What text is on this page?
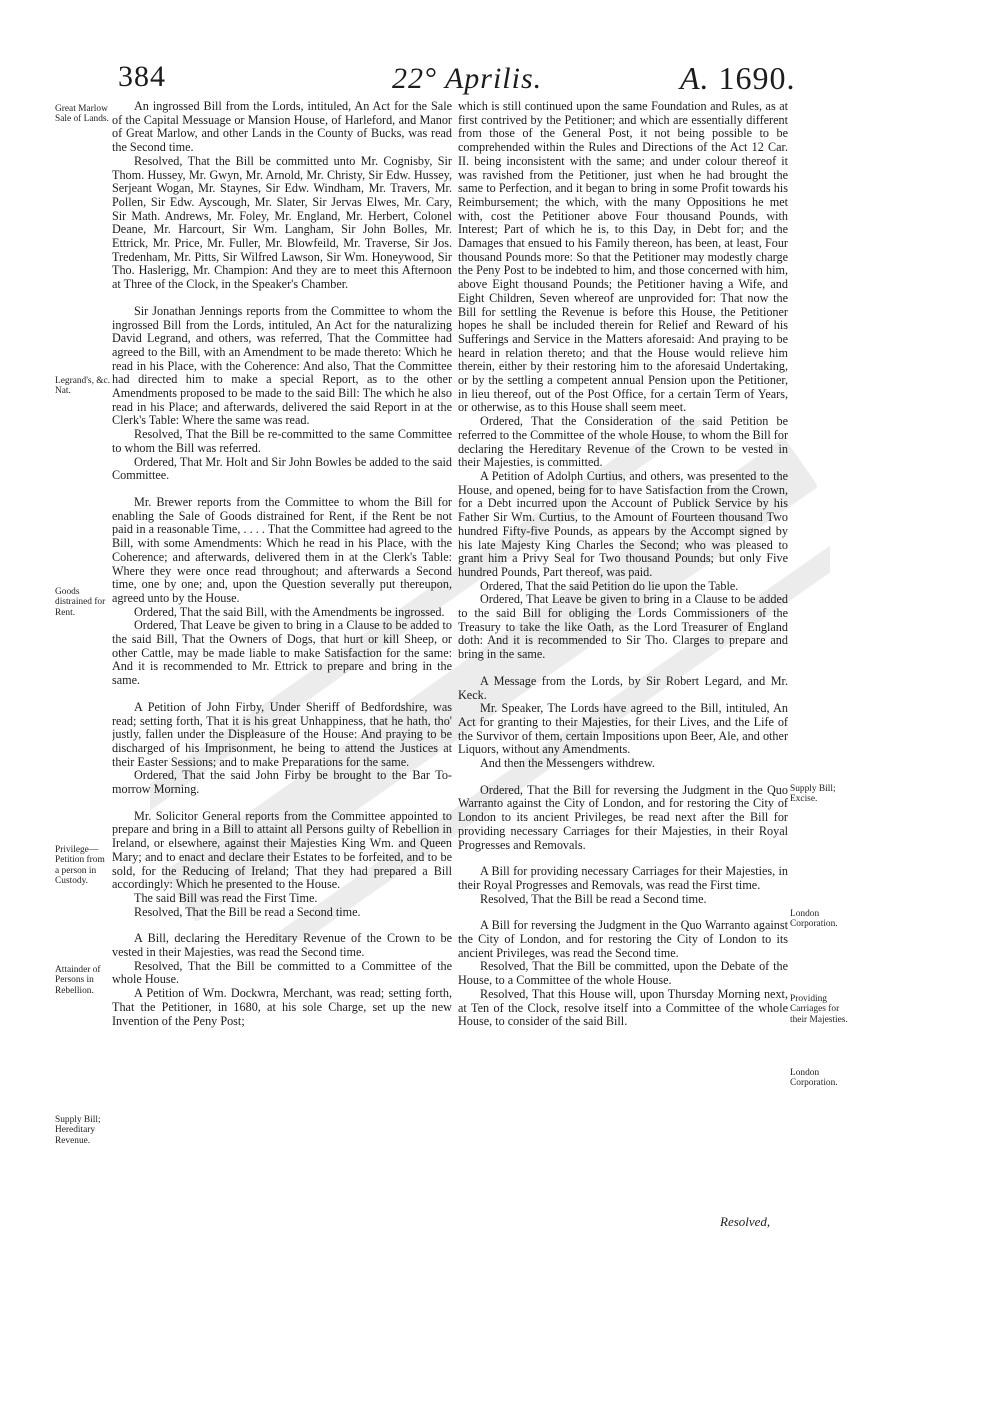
384	22° Aprilis.	A. 1690.
Great Marlow Sale of Lands.
Legrand's, &c. Nat.
Goods distrained for Rent.
Privilege—Petition from a person in Custody.
Attainder of Persons in Rebellion.
Supply Bill; Hereditary Revenue.
Supply Bill; Excise.
London Corporation.
Providing Carriages for their Majesties.
London Corporation.

An ingrossed Bill from the Lords, intituled, An Act for the Sale of the Capital Messuage or Mansion House, of Harleford, and Manor of Great Marlow, and other Lands in the County of Bucks, was read the Second time.

Resolved, That the Bill be committed unto Mr. Cognisby, Sir Thom. Hussey, Mr. Gwyn, Mr. Arnold, Mr. Christy, Sir Edw. Hussey, Serjeant Wogan, Mr. Staynes, Sir Edw. Windham, Mr. Travers, Mr. Pollen, Sir Edw. Ayscough, Mr. Slater, Sir Jervas Elwes, Mr. Cary, Sir Math. Andrews, Mr. Foley, Mr. England, Mr. Herbert, Colonel Deane, Mr. Harcourt, Sir Wm. Langham, Sir John Bolles, Mr. Ettrick, Mr. Price, Mr. Fuller, Mr. Blowfeild, Mr. Traverse, Sir Jos. Tredenham, Mr. Pitts, Sir Wilfred Lawson, Sir Wm. Honeywood, Sir Tho. Haslerigg, Mr. Champion: And they are to meet this Afternoon at Three of the Clock, in the Speaker's Chamber.

Sir Jonathan Jennings reports from the Committee to whom the ingrossed Bill from the Lords, intituled, An Act for the naturalizing David Legrand, and others, was referred, That the Committee had agreed to the Bill, with an Amendment to be made thereto: Which he read in his Place, with the Coherence: And also, That the Committee had directed him to make a special Report, as to the other Amendments proposed to be made to the said Bill: The which he also read in his Place; and afterwards, delivered the said Report in at the Clerk's Table: Where the same was read.

Resolved, That the Bill be re-committed to the same Committee to whom the Bill was referred.

Ordered, That Mr. Holt and Sir John Bowles be added to the said Committee.

Mr. Brewer reports from the Committee to whom the Bill for enabling the Sale of Goods distrained for Rent, if the Rent be not paid in a reasonable Time, . . . . That the Committee had agreed to the Bill, with some Amendments: Which he read in his Place, with the Coherence; and afterwards, delivered them in at the Clerk's Table: Where they were once read throughout; and afterwards a Second time, one by one; and, upon the Question severally put thereupon, agreed unto by the House.

Ordered, That the said Bill, with the Amendments be ingrossed.

Ordered, That Leave be given to bring in a Clause to be added to the said Bill, That the Owners of Dogs, that hurt or kill Sheep, or other Cattle, may be made liable to make Satisfaction for the same: And it is recommended to Mr. Ettrick to prepare and bring in the same.

A Petition of John Firby, Under Sheriff of Bedfordshire, was read; setting forth, That it is his great Unhappiness, that he hath, tho' justly, fallen under the Displeasure of the House: And praying to be discharged of his Imprisonment, he being to attend the Justices at their Easter Sessions; and to make Preparations for the same.

Ordered, That the said John Firby be brought to the Bar To-morrow Morning.

Mr. Solicitor General reports from the Committee appointed to prepare and bring in a Bill to attaint all Persons guilty of Rebellion in Ireland, or elsewhere, against their Majesties King Wm. and Queen Mary; and to enact and declare their Estates to be forfeited, and to be sold, for the Reducing of Ireland; That they had prepared a Bill accordingly: Which he presented to the House.

The said Bill was read the First Time.

Resolved, That the Bill be read a Second time.

A Bill, declaring the Hereditary Revenue of the Crown to be vested in their Majesties, was read the Second time.

Resolved, That the Bill be committed to a Committee of the whole House.

A Petition of Wm. Dockwra, Merchant, was read; setting forth, That the Petitioner, in 1680, at his sole Charge, set up the new Invention of the Peny Post;

which is still continued upon the same Foundation and Rules, as at first contrived by the Petitioner; and which are essentially different from those of the General Post, it not being possible to be comprehended within the Rules and Directions of the Act 12 Car. II. being inconsistent with the same; and under colour thereof it was ravished from the Petitioner, just when he had brought the same to Perfection, and it began to bring in some Profit towards his Reimbursement; the which, with the many Oppositions he met with, cost the Petitioner above Four thousand Pounds, with Interest; Part of which he is, to this Day, in Debt for; and the Damages that ensued to his Family thereon, has been, at least, Four thousand Pounds more: So that the Petitioner may modestly charge the Peny Post to be indebted to him, and those concerned with him, above Eight thousand Pounds; the Petitioner having a Wife, and Eight Children, Seven whereof are unprovided for: That now the Bill for settling the Revenue is before this House, the Petitioner hopes he shall be included therein for Relief and Reward of his Sufferings and Service in the Matters aforesaid: And praying to be heard in relation thereto; and that the House would relieve him therein, either by their restoring him to the aforesaid Undertaking, or by the settling a competent annual Pension upon the Petitioner, in lieu thereof, out of the Post Office, for a certain Term of Years, or otherwise, as to this House shall seem meet.

Ordered, That the Consideration of the said Petition be referred to the Committee of the whole House, to whom the Bill for declaring the Hereditary Revenue of the Crown to be vested in their Majesties, is committed.

A Petition of Adolph Curtius, and others, was presented to the House, and opened, being for to have Satisfaction from the Crown, for a Debt incurred upon the Account of Publick Service by his Father Sir Wm. Curtius, to the Amount of Fourteen thousand Two hundred Fifty-five Pounds, as appears by the Accompt signed by his late Majesty King Charles the Second; who was pleased to grant him a Privy Seal for Two thousand Pounds; but only Five hundred Pounds, Part thereof, was paid.

Ordered, That the said Petition do lie upon the Table.

Ordered, That Leave be given to bring in a Clause to be added to the said Bill for obliging the Lords Commissioners of the Treasury to take the like Oath, as the Lord Treasurer of England doth: And it is recommended to Sir Tho. Clarges to prepare and bring in the same.

A Message from the Lords, by Sir Robert Legard, and Mr. Keck.

Mr. Speaker, The Lords have agreed to the Bill, intituled, An Act for granting to their Majesties, for their Lives, and the Life of the Survivor of them, certain Impositions upon Beer, Ale, and other Liquors, without any Amendments.

And then the Messengers withdrew.

Ordered, That the Bill for reversing the Judgment in the Quo Warranto against the City of London, and for restoring the City of London to its ancient Privileges, be read next after the Bill for providing necessary Carriages for their Majesties, in their Royal Progresses and Removals.

A Bill for providing necessary Carriages for their Majesties, in their Royal Progresses and Removals, was read the First time.

Resolved, That the Bill be read a Second time.

A Bill for reversing the Judgment in the Quo Warranto against the City of London, and for restoring the City of London to its ancient Privileges, was read the Second time.

Resolved, That the Bill be committed, upon the Debate of the House, to a Committee of the whole House.

Resolved, That this House will, upon Thursday Morning next, at Ten of the Clock, resolve itself into a Committee of the whole House, to consider of the said Bill.

Resolved,
